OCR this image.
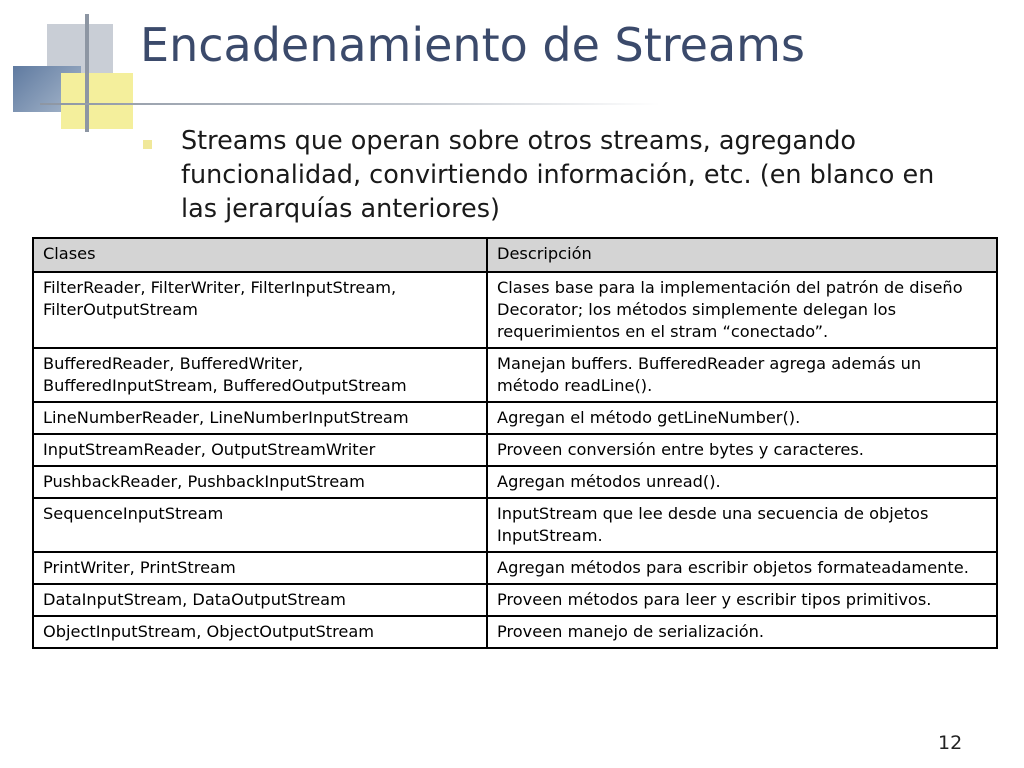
Encadenamiento de Streams
Streams que operan sobre otros streams, agregando funcionalidad, convirtiendo información, etc. (en blanco en las jerarquías anteriores)
Clases	Descripción
FilterReader, FilterWriter, FilterInputStream, FilterOutputStream	Clases base para la implementación del patrón de diseño Decorator; los métodos simplemente delegan los requerimientos en el stram “conectado”.
BufferedReader, BufferedWriter, BufferedInputStream, BufferedOutputStream	Manejan buffers. BufferedReader agrega además un método readLine().
LineNumberReader, LineNumberInputStream	Agregan el método getLineNumber().
InputStreamReader, OutputStreamWriter	Proveen conversión entre bytes y caracteres.
PushbackReader, PushbackInputStream	Agregan métodos unread().
SequenceInputStream	InputStream que lee desde una secuencia de objetos InputStream.
PrintWriter, PrintStream	Agregan métodos para escribir objetos formateadamente.
DataInputStream, DataOutputStream	Proveen métodos para leer y escribir tipos primitivos.
ObjectInputStream, ObjectOutputStream	Proveen manejo de serialización.
12
